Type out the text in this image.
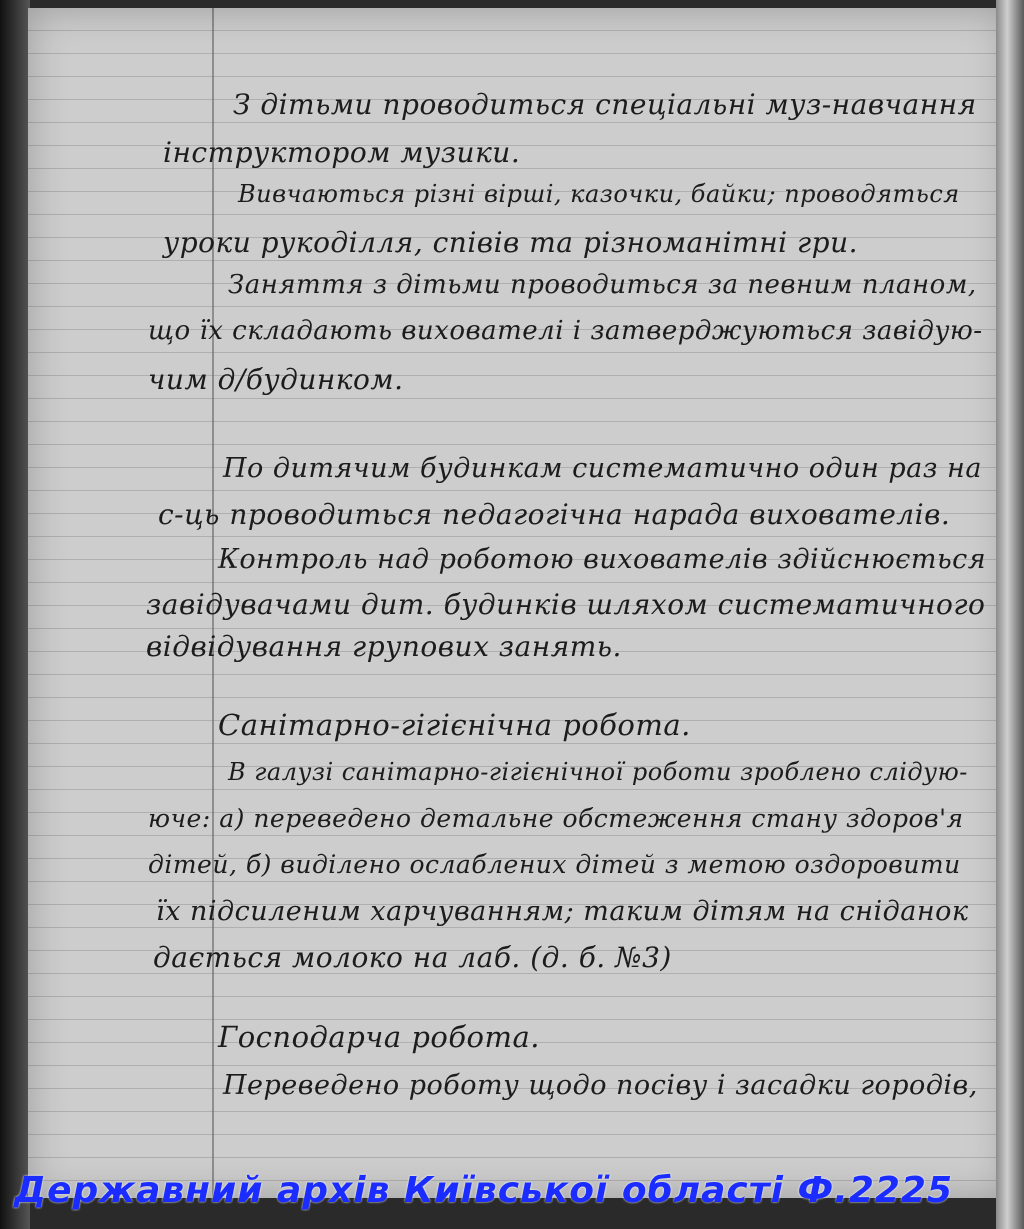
З дітьми проводиться спеціальні муз-навчання
інструктором музики.
Вивчаються різні вірші, казочки, байки; проводяться
уроки рукоділля, співів та різноманітні гри.
Заняття з дітьми проводиться за певним планом,
що їх складають вихователі і затверджуються завідую-
чим д/будинком.
По дитячим будинкам систематично один раз на
с-ць проводиться педагогічна нарада вихователів.
Контроль над роботою вихователів здійснюється
завідувачами дит. будинків шляхом систематичного
відвідування групових занять.
Санітарно-гігієнічна робота.
В галузі санітарно-гігієнічної роботи зроблено слідую-
юче: а) переведено детальне обстеження стану здоров'я
дітей, б) виділено ослаблених дітей з метою оздоровити
їх підсиленим харчуванням; таким дітям на сніданок
дається молоко на лаб. (д. б. №3)
Господарча робота.
Переведено роботу щодо посіву і засадки городів,
Державний архів Київської області Ф.2225
